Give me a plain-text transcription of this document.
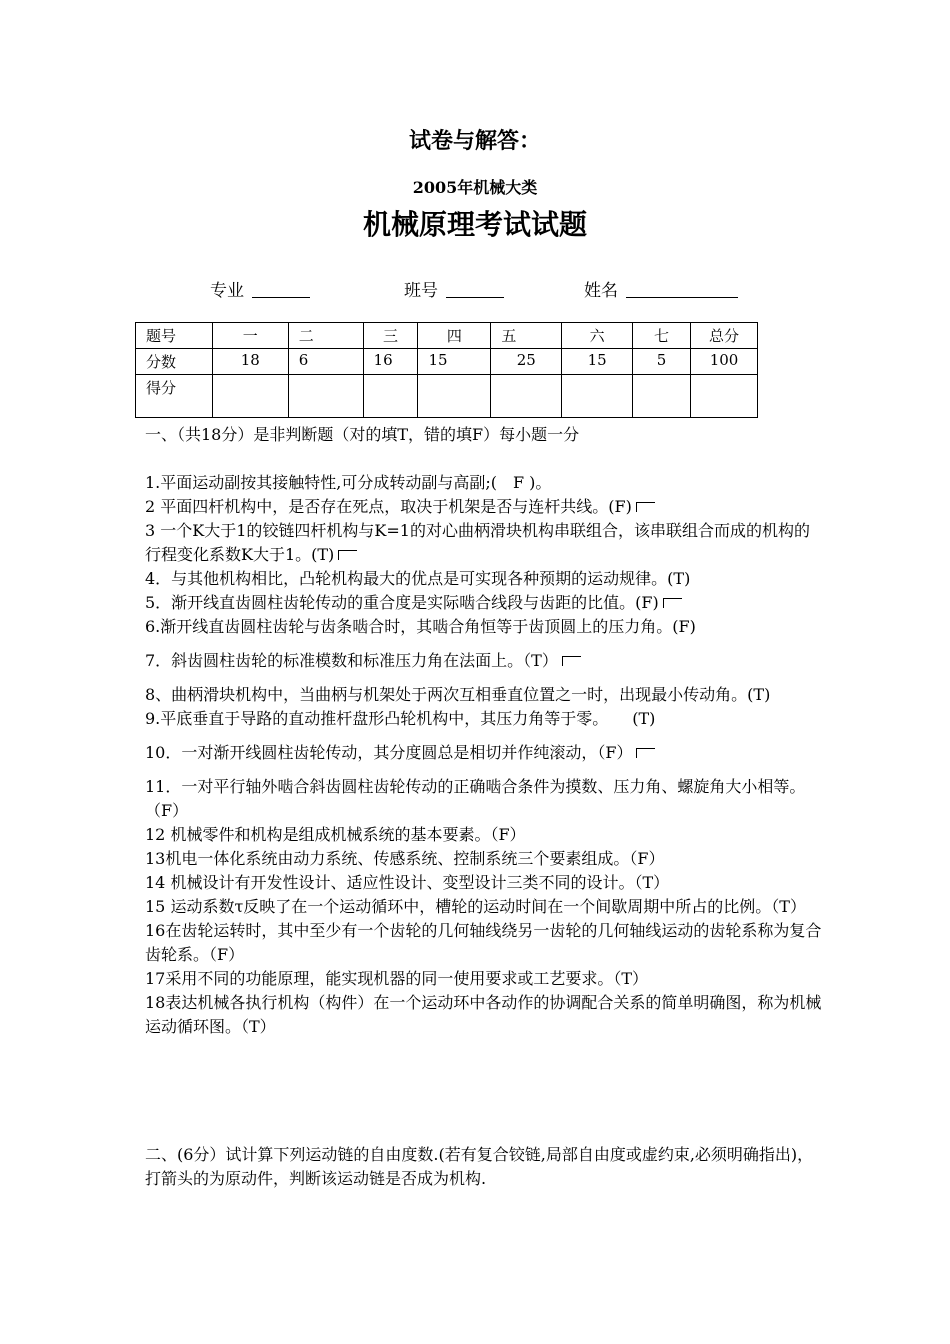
试卷与解答：
2005年机械大类
机械原理考试试题
专业	班号	姓名
题号	一	二	三	四	五	六	七	总分
分数	18	6	16	15	25	15	5	100
得分								

一、（共18分）是非判断题（对的填T，错的填F）每小题一分

1.平面运动副按其接触特性,可分成转动副与高副;(　F )。

2 平面四杆机构中，是否存在死点，取决于机架是否与连杆共线。(F)

3 一个K大于1的铰链四杆机构与K=1的对心曲柄滑块机构串联组合，该串联组合而成的机构的行程变化系数K大于1。(T)

4．与其他机构相比，凸轮机构最大的优点是可实现各种预期的运动规律。(T)

5．渐开线直齿圆柱齿轮传动的重合度是实际啮合线段与齿距的比值。(F)

6.渐开线直齿圆柱齿轮与齿条啮合时，其啮合角恒等于齿顶圆上的压力角。(F)

7．斜齿圆柱齿轮的标准模数和标准压力角在法面上。（T）

8、曲柄滑块机构中，当曲柄与机架处于两次互相垂直位置之一时，出现最小传动角。(T)

9.平底垂直于导路的直动推杆盘形凸轮机构中，其压力角等于零。　　(T)

10．一对渐开线圆柱齿轮传动，其分度圆总是相切并作纯滚动，（F）

11．一对平行轴外啮合斜齿圆柱齿轮传动的正确啮合条件为摸数、压力角、螺旋角大小相等。（F）

12 机械零件和机构是组成机械系统的基本要素。（F）

13机电一体化系统由动力系统、传感系统、控制系统三个要素组成。（F）

14 机械设计有开发性设计、适应性设计、变型设计三类不同的设计。（T）

15 运动系数τ反映了在一个运动循环中，槽轮的运动时间在一个间歇周期中所占的比例。（T）

16在齿轮运转时，其中至少有一个齿轮的几何轴线绕另一齿轮的几何轴线运动的齿轮系称为复合齿轮系。（F）

17采用不同的功能原理，能实现机器的同一使用要求或工艺要求。（T）

18表达机械各执行机构（构件）在一个运动环中各动作的协调配合关系的简单明确图，称为机械运动循环图。（T）

二、(6分）试计算下列运动链的自由度数.(若有复合铰链,局部自由度或虚约束,必须明确指出)，打箭头的为原动件，判断该运动链是否成为机构.
